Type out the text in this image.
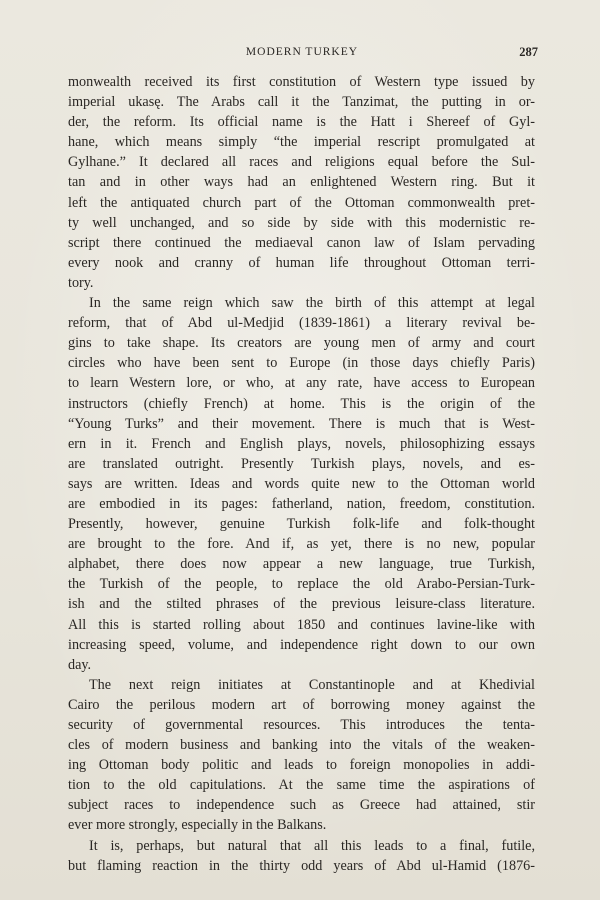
MODERN TURKEY	287
monwealth received its first constitution of Western type issued by
imperial ukasę. The Arabs call it the Tanzimat, the putting in or-
der, the reform. Its official name is the Hatt i Shereef of Gyl-
hane, which means simply “the imperial rescript promulgated at
Gylhane.” It declared all races and religions equal before the Sul-
tan and in other ways had an enlightened Western ring. But it
left the antiquated church part of the Ottoman commonwealth pret-
ty well unchanged, and so side by side with this modernistic re-
script there continued the mediaeval canon law of Islam pervading
every nook and cranny of human life throughout Ottoman terri-
tory.
In the same reign which saw the birth of this attempt at legal
reform, that of Abd ul-Medjid (1839-1861) a literary revival be-
gins to take shape. Its creators are young men of army and court
circles who have been sent to Europe (in those days chiefly Paris)
to learn Western lore, or who, at any rate, have access to European
instructors (chiefly French) at home. This is the origin of the
“Young Turks” and their movement. There is much that is West-
ern in it. French and English plays, novels, philosophizing essays
are translated outright. Presently Turkish plays, novels, and es-
says are written. Ideas and words quite new to the Ottoman world
are embodied in its pages: fatherland, nation, freedom, constitution.
Presently, however, genuine Turkish folk-life and folk-thought
are brought to the fore. And if, as yet, there is no new, popular
alphabet, there does now appear a new language, true Turkish,
the Turkish of the people, to replace the old Arabo-Persian-Turk-
ish and the stilted phrases of the previous leisure-class literature.
All this is started rolling about 1850 and continues lavine-like with
increasing speed, volume, and independence right down to our own
day.
The next reign initiates at Constantinople and at Khedivial
Cairo the perilous modern art of borrowing money against the
security of governmental resources. This introduces the tenta-
cles of modern business and banking into the vitals of the weaken-
ing Ottoman body politic and leads to foreign monopolies in addi-
tion to the old capitulations. At the same time the aspirations of
subject races to independence such as Greece had attained, stir
ever more strongly, especially in the Balkans.
It is, perhaps, but natural that all this leads to a final, futile,
but flaming reaction in the thirty odd years of Abd ul-Hamid (1876-
